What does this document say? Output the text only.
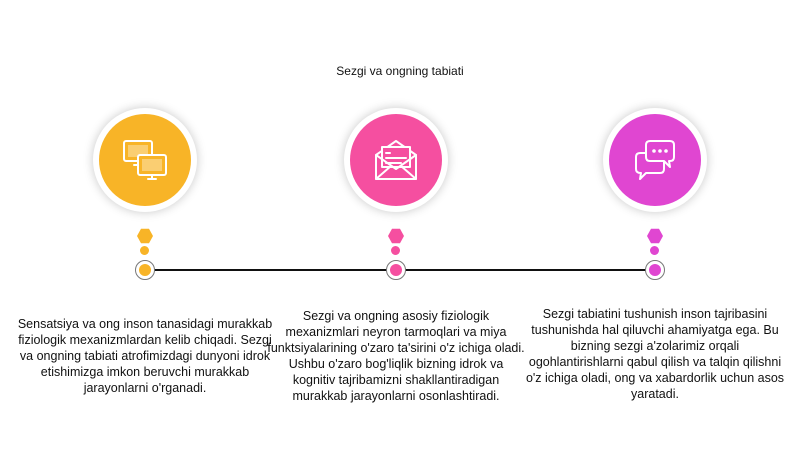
Sezgi va ongning tabiati
Sensatsiya va ong inson tanasidagi murakkab fiziologik mexanizmlardan kelib chiqadi. Sezgi va ongning tabiati atrofimizdagi dunyoni idrok etishimizga imkon beruvchi murakkab jarayonlarni o'rganadi.
Sezgi va ongning asosiy fiziologik mexanizmlari neyron tarmoqlari va miya funktsiyalarining o'zaro ta'sirini o'z ichiga oladi. Ushbu o'zaro bog'liqlik bizning idrok va kognitiv tajribamizni shakllantiradigan murakkab jarayonlarni osonlashtiradi.
Sezgi tabiatini tushunish inson tajribasini tushunishda hal qiluvchi ahamiyatga ega. Bu bizning sezgi a'zolarimiz orqali ogohlantirishlarni qabul qilish va talqin qilishni o'z ichiga oladi, ong va xabardorlik uchun asos yaratadi.
